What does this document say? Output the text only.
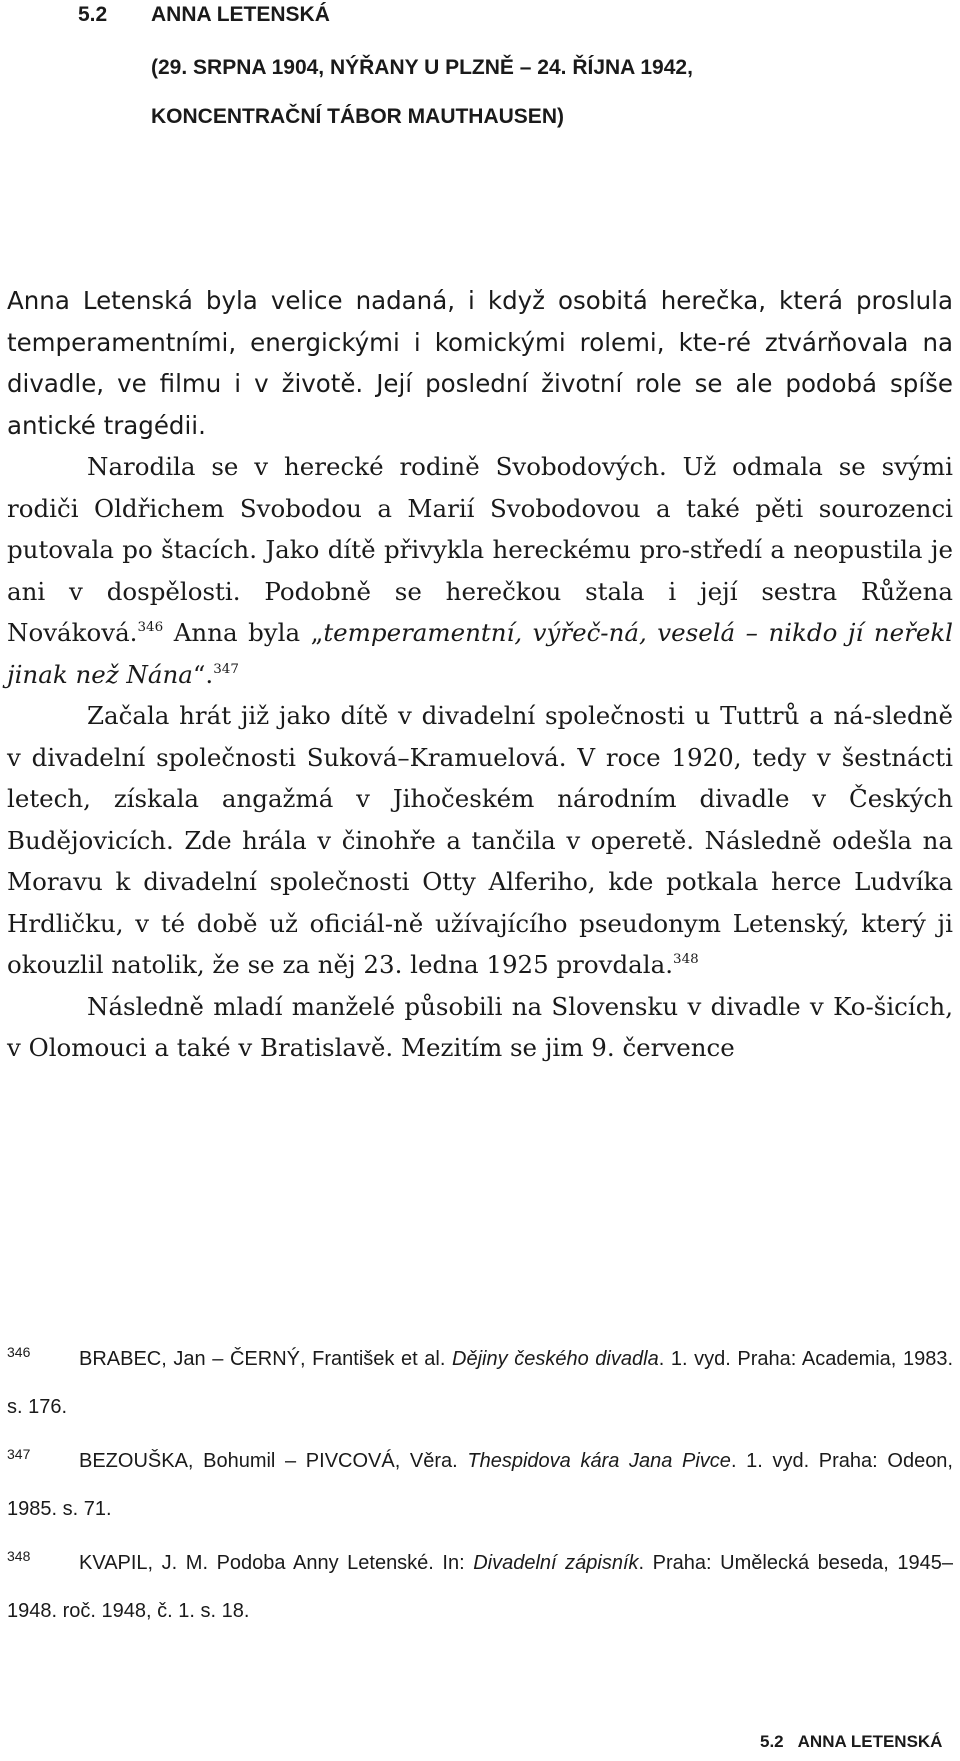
5.2 ANNA LETENSKÁ
(29. SRPNA 1904, NÝŘANY U PLZNĚ – 24. ŘÍJNA 1942,
KONCENTRAČNÍ TÁBOR MAUTHAUSEN)

Anna Letenská byla velice nadaná, i když osobitá herečka, která proslula temperamentními, energickými i komickými rolemi, kte-ré ztvárňovala na divadle, ve filmu i v životě. Její poslední životní role se ale podobá spíše antické tragédii.

Narodila se v herecké rodině Svobodových. Už odmala se svými rodiči Oldřichem Svobodou a Marií Svobodovou a také pěti sourozenci putovala po štacích. Jako dítě přivykla hereckému pro-středí a neopustila je ani v dospělosti. Podobně se herečkou stala i její sestra Růžena Nováková.$^{346}$ Anna byla „temperamentní, výřeč-ná, veselá – nikdo jí neřekl jinak než Nána“.$^{347}$

Začala hrát již jako dítě v divadelní společnosti u Tuttrů a ná-sledně v divadelní společnosti Suková–Kramuelová. V roce 1920, tedy v šestnácti letech, získala angažmá v Jihočeském národním divadle v Českých Budějovicích. Zde hrála v činohře a tančila v operetě. Následně odešla na Moravu k divadelní společnosti Otty Alferiho, kde potkala herce Ludvíka Hrdličku, v té době už oficiál-ně užívajícího pseudonym Letenský, který ji okouzlil natolik, že se za něj 23. ledna 1925 provdala.$^{348}$

Následně mladí manželé působili na Slovensku v divadle v Ko-šicích, v Olomouci a také v Bratislavě. Mezitím se jim 9. července

346 BRABEC, Jan – ČERNÝ, František et al. Dějiny českého divadla. 1. vyd. Praha: Academia, 1983. s. 176.

347 BEZOUŠKA, Bohumil – PIVCOVÁ, Věra. Thespidova kára Jana Pivce. 1. vyd. Praha: Odeon, 1985. s. 71.

348 KVAPIL, J. M. Podoba Anny Letenské. In: Divadelní zápisník. Praha: Umělecká beseda, 1945–1948. roč. 1948, č. 1. s. 18.

5.2 ANNA LETENSKÁ
